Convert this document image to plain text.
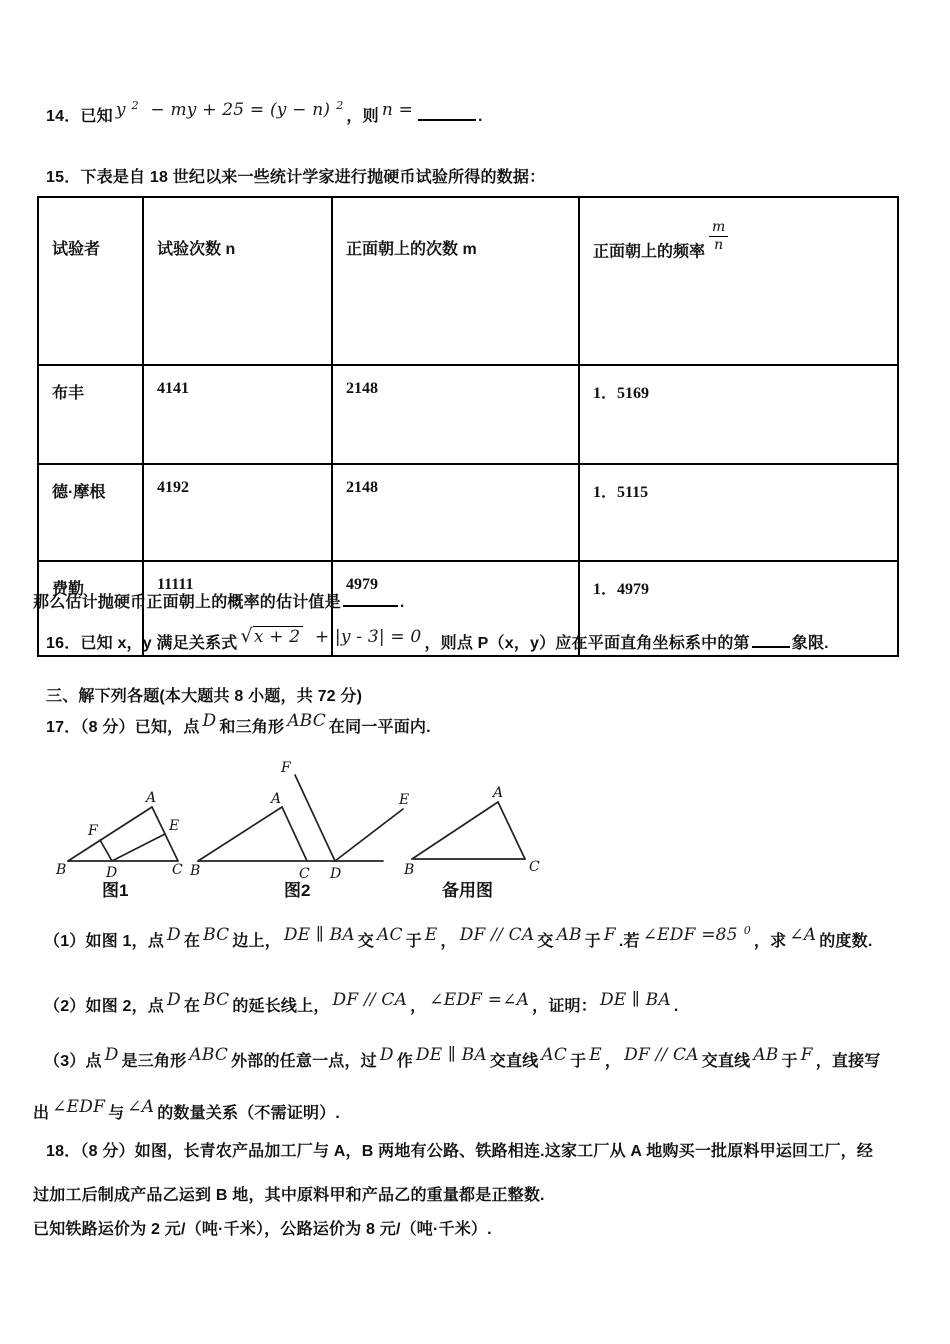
14．已知 y $^2$ − my + 25 = (y − n) $^2$，则 n =	.
15．下表是自 18 世纪以来一些统计学家进行抛硬币试验所得的数据：
试验者	试验次数 n	正面朝上的次数 m	正面朝上的频率 $\frac{m}{n}$

布丰	4141	2148	1．5169
德·摩根	4192	2148	1．5115
费勤	11111	4979	1．4979
那么估计抛硬币正面朝上的概率的估计值是	.
16．已知 x，y 满足关系式 √x + 2 + |y - 3| = 0 ，则点 P（x，y）应在平面直角坐标系中的第	象限.
三、解下列各题(本大题共 8 小题，共 72 分)
17．（8 分）已知，点 D 和三角形 ABC 在同一平面内.
B	D	C
A
F	E
图1
B	C D
A
F
E
图2
B	C
A
备用图
（1）如图 1，点 D 在 BC 边上， DE ∥ BA 交 AC 于 E ， DF // CA 交 AB 于 F .若 ∠EDF =85 $^0$，求 ∠A 的度数.
（2）如图 2，点 D 在 BC 的延长线上， DF // CA ， ∠EDF =∠A ，证明： DE ∥ BA .
（3）点 D 是三角形 ABC 外部的任意一点，过 D 作 DE ∥ BA 交直线 AC 于 E ， DF // CA 交直线 AB 于 F ，直接写
出 ∠EDF 与 ∠A 的数量关系（不需证明）.
18．（8 分）如图，长青农产品加工厂与 A，B 两地有公路、铁路相连.这家工厂从 A 地购买一批原料甲运回工厂，经
过加工后制成产品乙运到 B 地，其中原料甲和产品乙的重量都是正整数.
已知铁路运价为 2 元/（吨·千米），公路运价为 8 元/（吨·千米）.
